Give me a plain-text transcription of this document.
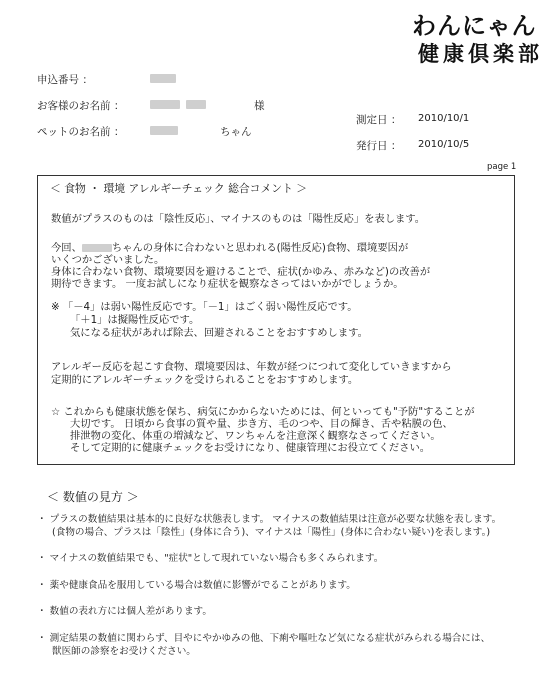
わんにゃん
健康倶楽部
申込番号 ：
お客様のお名前 ：	様
ペットのお名前 ：	ちゃん
測定日 ： 2010/10/1
発行日 ： 2010/10/5
page 1
＜ 食物 ・ 環境 アレルギーチェック 総合コメント ＞
数値がプラスのものは「陰性反応」、マイナスのものは「陽性反応」を表します。
今回、	ちゃんの身体に合わないと思われる(陽性反応)食物、環境要因が
いくつかございました。
身体に合わない食物、環境要因を避けることで、症状(かゆみ、赤みなど)の改善が
期待できます。 一度お試しになり症状を観察なさってはいかがでしょうか。
※ 「－4」は弱い陽性反応です。「－1」はごく弱い陽性反応です。
「＋1」は擬陽性反応です。
気になる症状があれば除去、回避されることをおすすめします。
アレルギー反応を起こす食物、環境要因は、年数が経つにつれて変化していきますから
定期的にアレルギーチェックを受けられることをおすすめします。
☆ これからも健康状態を保ち、病気にかからないためには、何といっても"予防"することが
大切です。 日頃から食事の質や量、歩き方、毛のつや、目の輝き、舌や粘膜の色、
排泄物の変化、体重の増減など、ワンちゃんを注意深く観察なさってください。
そして定期的に健康チェックをお受けになり、健康管理にお役立てください。
＜ 数値の見方 ＞
・ プラスの数値結果は基本的に良好な状態表します。 マイナスの数値結果は注意が必要な状態を表します。
(食物の場合、プラスは「陰性」(身体に合う)、マイナスは「陽性」(身体に合わない疑い)を表します。)
・ マイナスの数値結果でも、"症状"として現れていない場合も多くみられます。
・ 薬や健康食品を服用している場合は数値に影響がでることがあります。
・ 数値の表れ方には個人差があります。
・ 測定結果の数値に関わらず、目やにやかゆみの他、下痢や嘔吐など気になる症状がみられる場合には、
獣医師の診察をお受けください。
